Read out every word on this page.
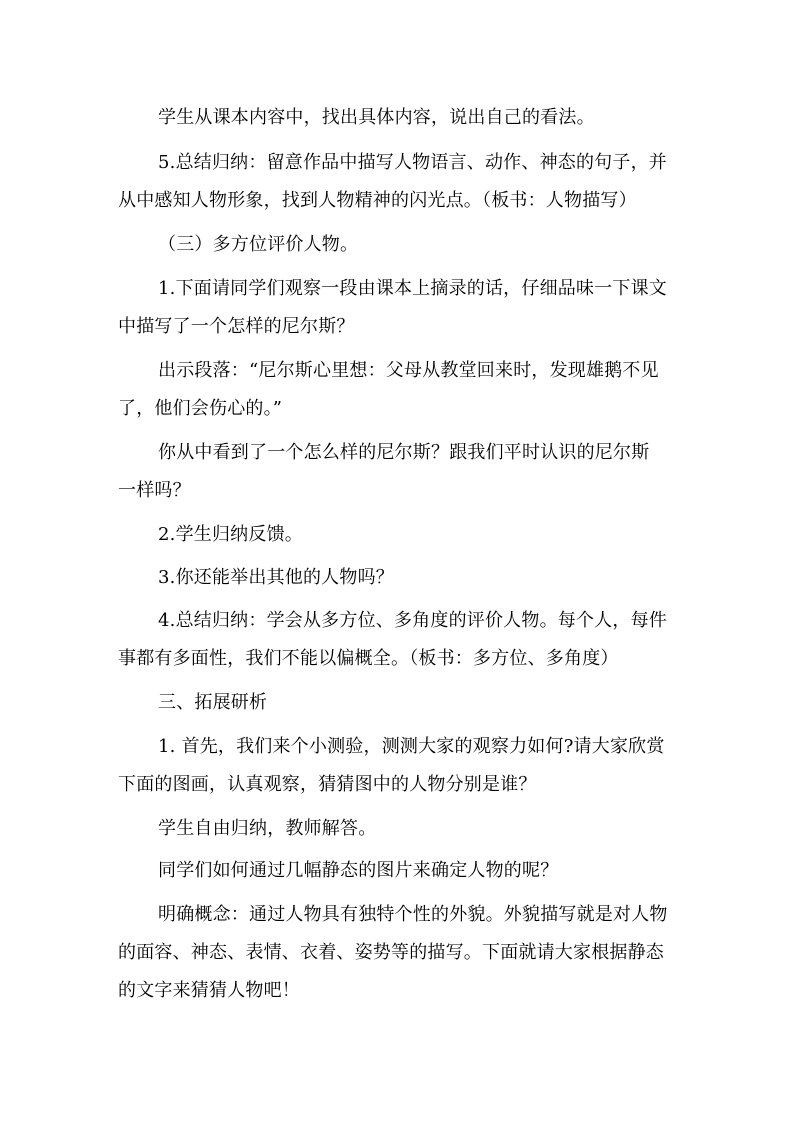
学生从课本内容中，找出具体内容，说出自己的看法。
5.总结归纳：留意作品中描写人物语言、动作、神态的句子，并
从中感知人物形象，找到人物精神的闪光点。（板书：人物描写）
（三）多方位评价人物。
1.下面请同学们观察一段由课本上摘录的话，仔细品味一下课文
中描写了一个怎样的尼尔斯？
出示段落：“尼尔斯心里想：父母从教堂回来时，发现雄鹅不见
了，他们会伤心的。”
你从中看到了一个怎么样的尼尔斯？跟我们平时认识的尼尔斯
一样吗？
2.学生归纳反馈。
3.你还能举出其他的人物吗？
4.总结归纳：学会从多方位、多角度的评价人物。每个人，每件
事都有多面性，我们不能以偏概全。（板书：多方位、多角度）
三、拓展研析
1. 首先，我们来个小测验，测测大家的观察力如何?请大家欣赏
下面的图画，认真观察，猜猜图中的人物分别是谁？
学生自由归纳，教师解答。
同学们如何通过几幅静态的图片来确定人物的呢？
明确概念：通过人物具有独特个性的外貌。外貌描写就是对人物
的面容、神态、表情、衣着、姿势等的描写。下面就请大家根据静态
的文字来猜猜人物吧！
